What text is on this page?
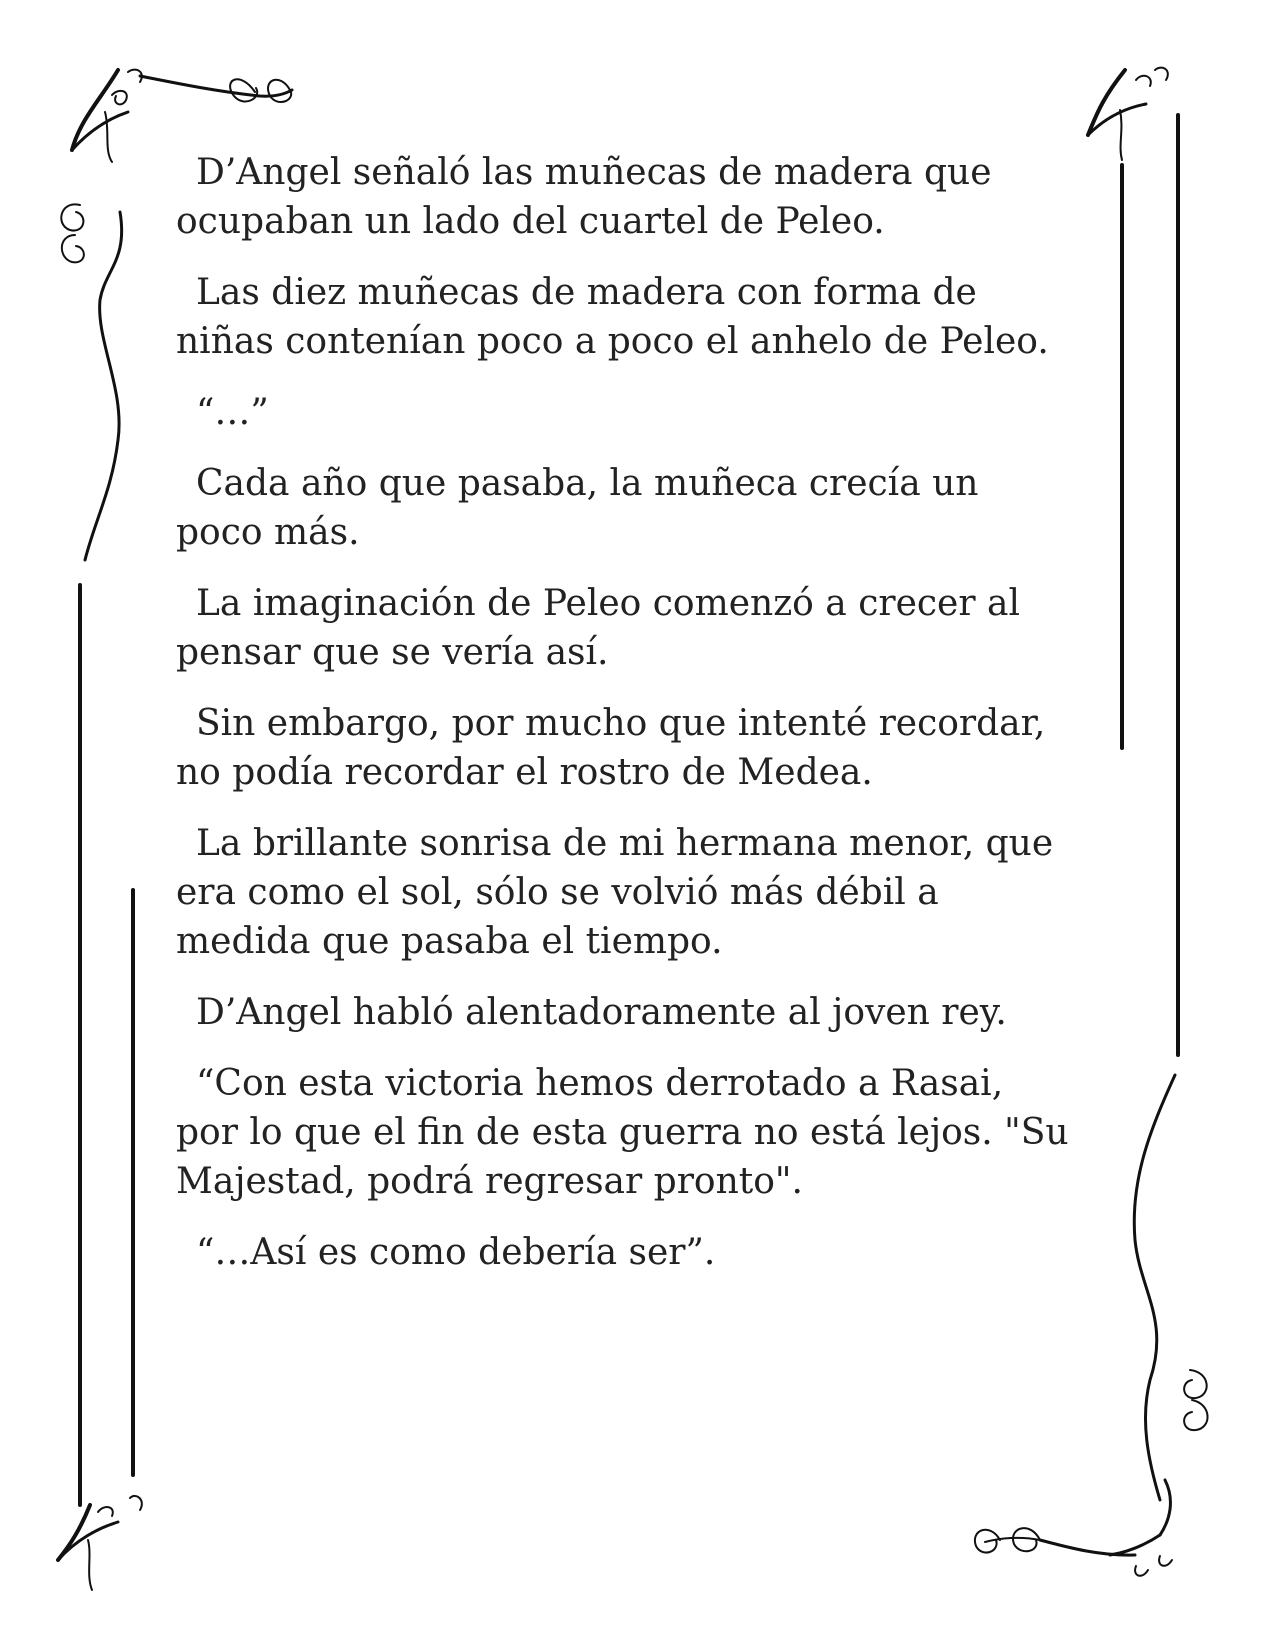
D’Angel señaló las muñecas de madera que ocupaban un lado del cuartel de Peleo.

Las diez muñecas de madera con forma de niñas contenían poco a poco el anhelo de Peleo.

“…”

Cada año que pasaba, la muñeca crecía un poco más.

La imaginación de Peleo comenzó a crecer al pensar que se vería así.

Sin embargo, por mucho que intenté recordar, no podía recordar el rostro de Medea.

La brillante sonrisa de mi hermana menor, que era como el sol, sólo se volvió más débil a medida que pasaba el tiempo.

D’Angel habló alentadoramente al joven rey.

“Con esta victoria hemos derrotado a Rasai, por lo que el fin de esta guerra no está lejos. "Su Majestad, podrá regresar pronto".

“…Así es como debería ser”.
